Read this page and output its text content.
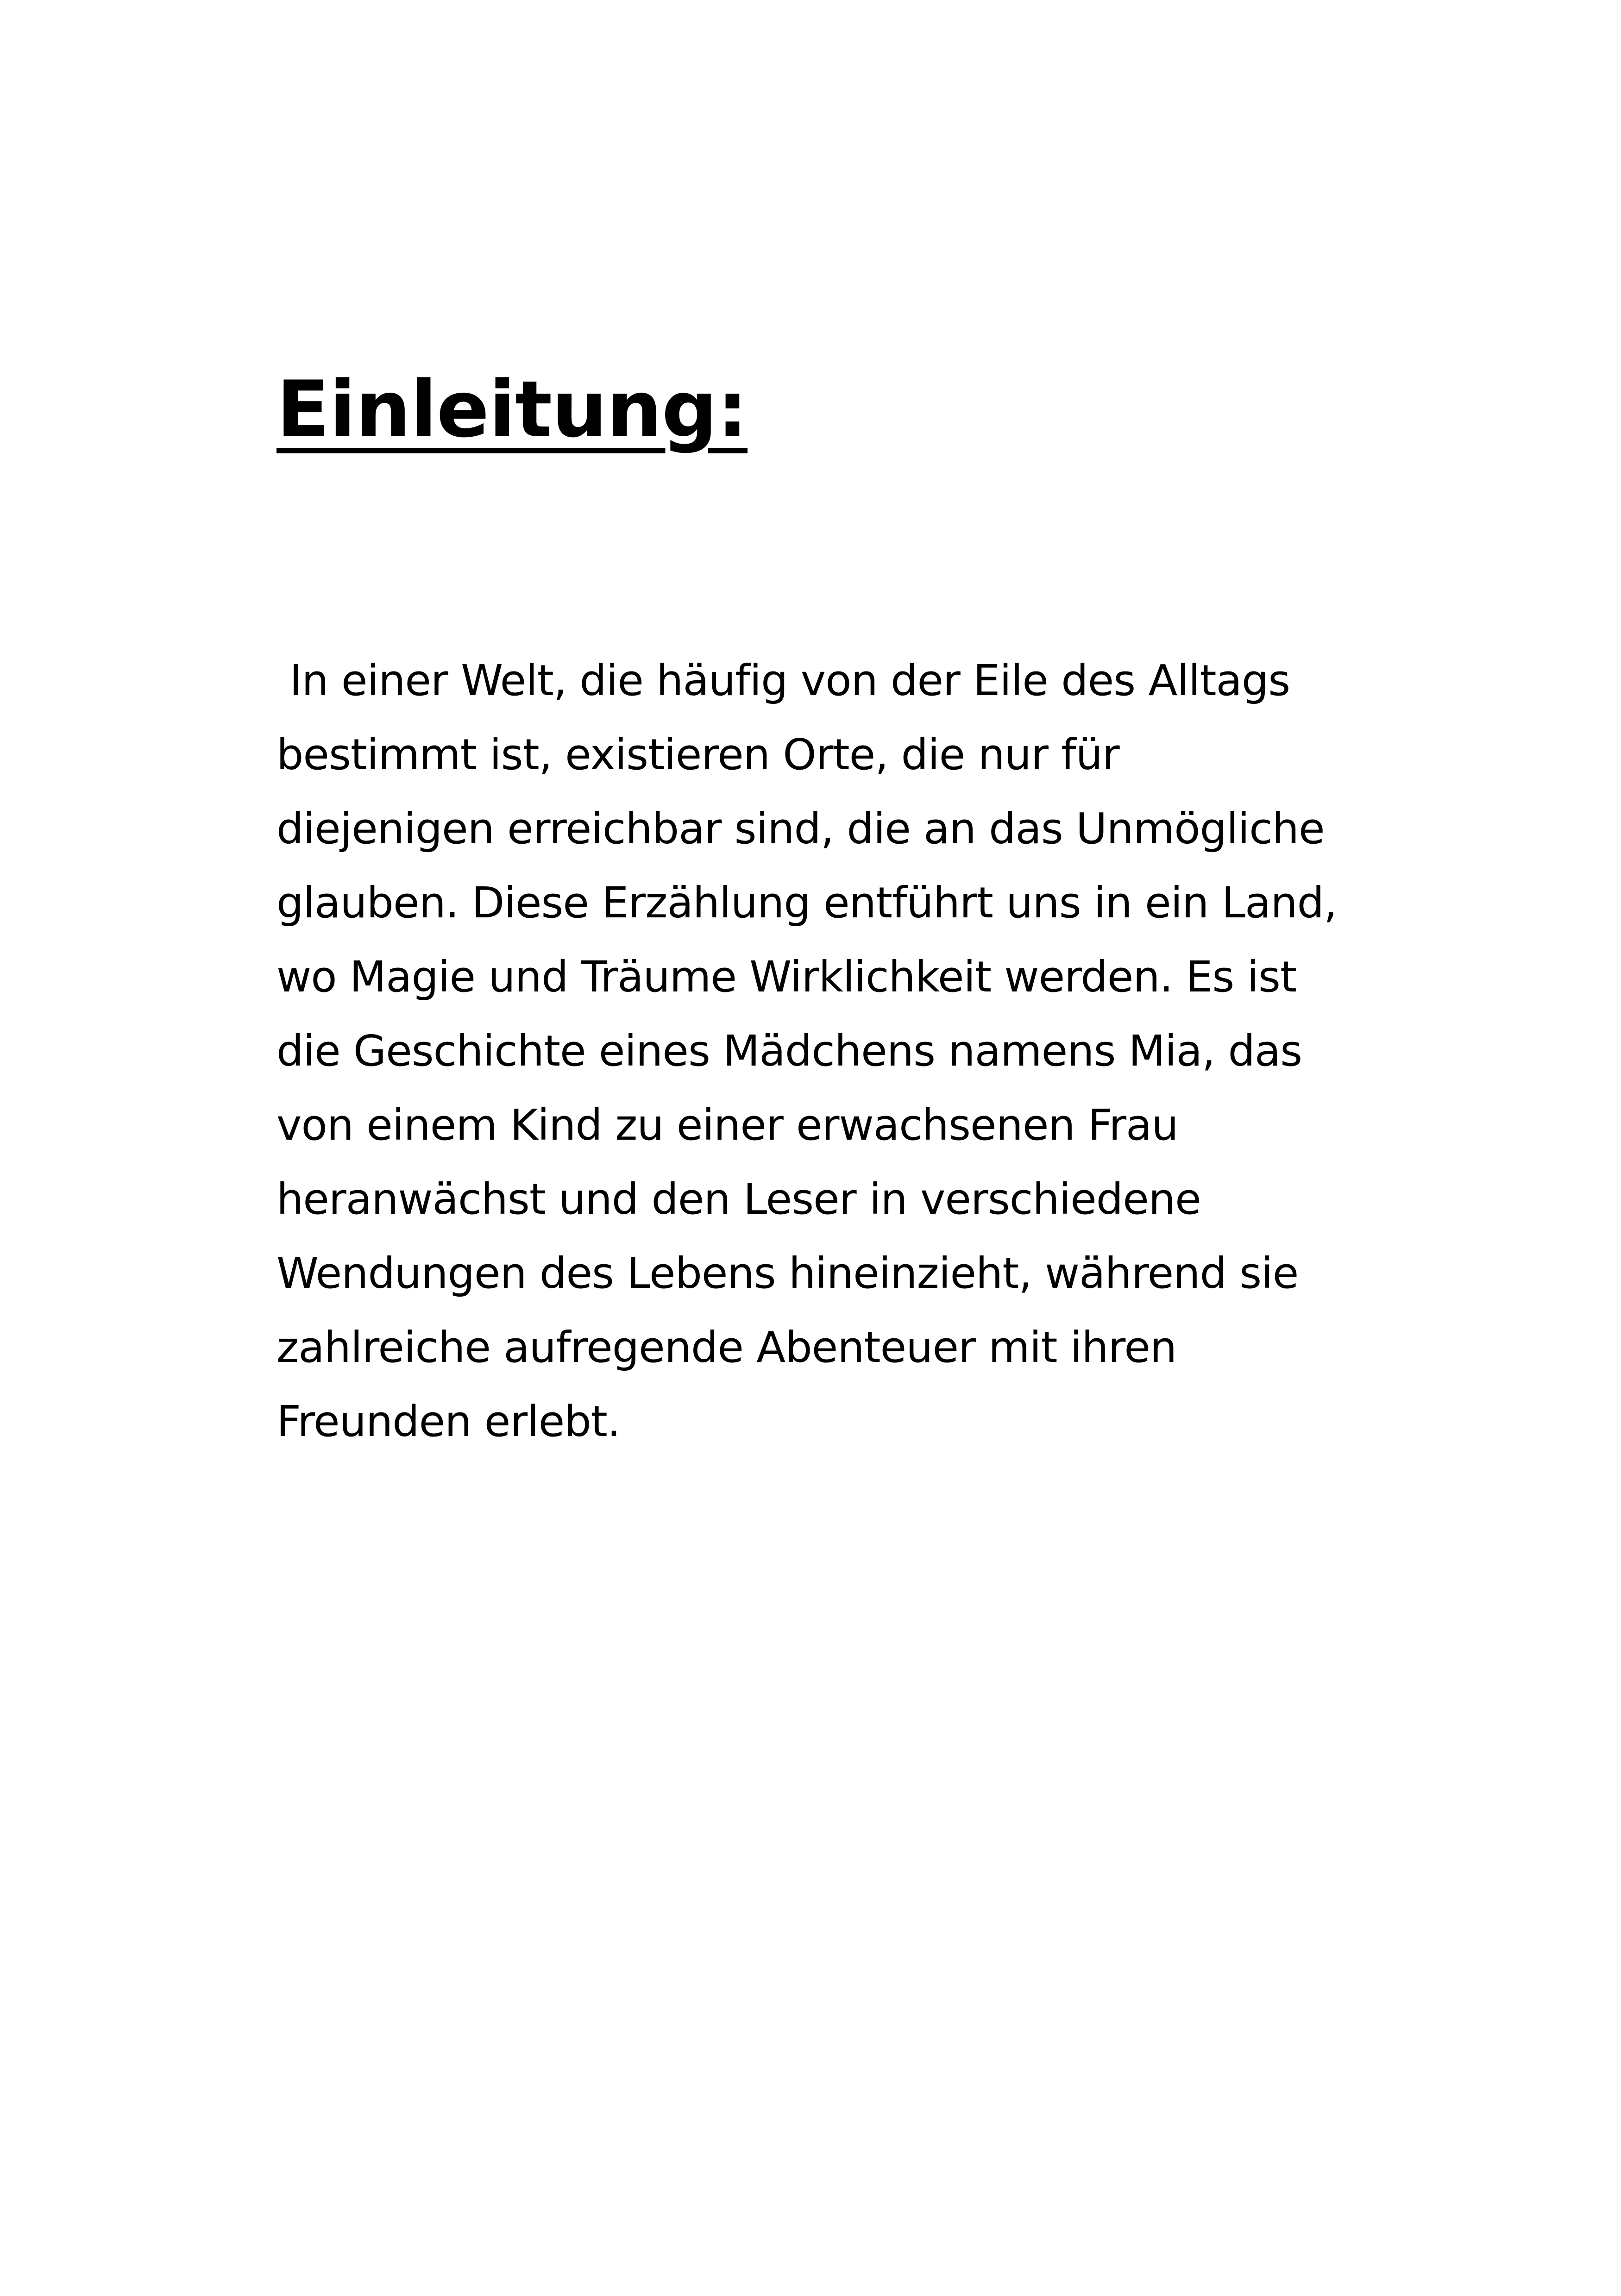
Einleitung:
In einer Welt, die häufig von der Eile des Alltags
bestimmt ist, existieren Orte, die nur für
diejenigen erreichbar sind, die an das Unmögliche
glauben. Diese Erzählung entführt uns in ein Land,
wo Magie und Träume Wirklichkeit werden. Es ist
die Geschichte eines Mädchens namens Mia, das
von einem Kind zu einer erwachsenen Frau
heranwächst und den Leser in verschiedene
Wendungen des Lebens hineinzieht, während sie
zahlreiche aufregende Abenteuer mit ihren
Freunden erlebt.
